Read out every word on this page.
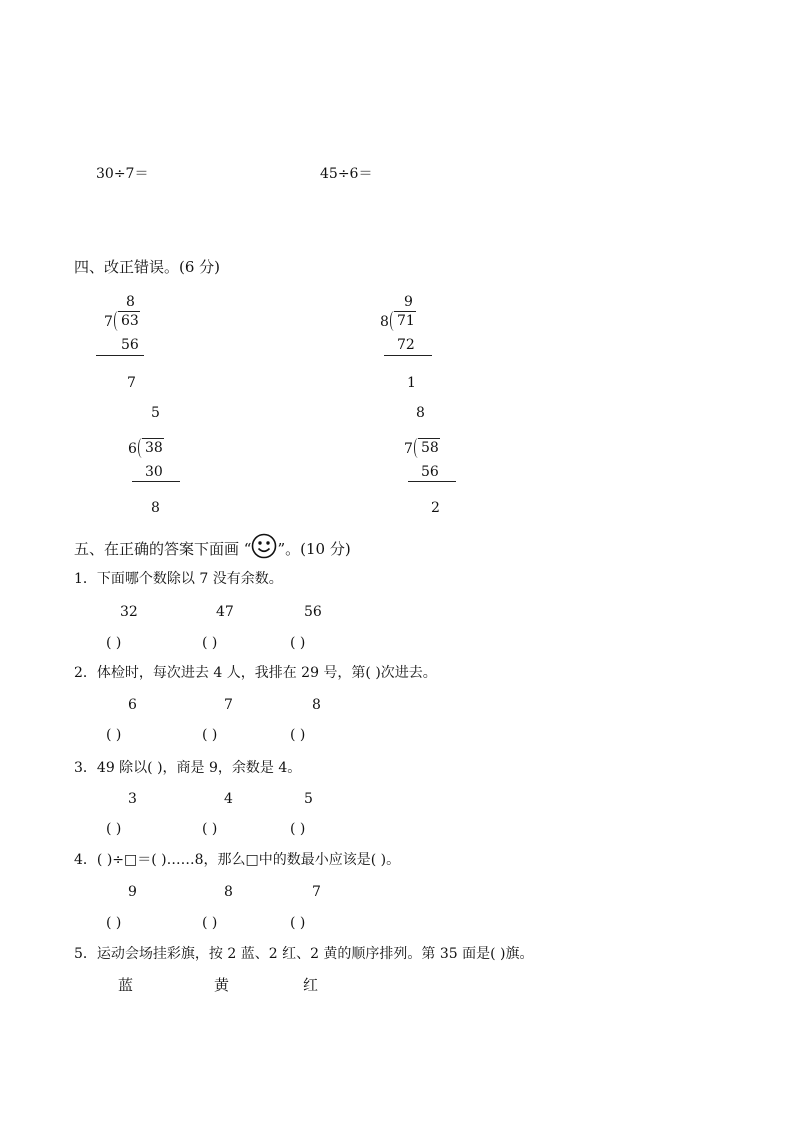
30÷7＝	45÷6＝
四、改正错误。(6 分)
8
7 63
56
7
9
8 71
72
1
5
6 38
30
8
8
7 58
56
2
五、在正确的答案下面画 “ ”。(10 分)
1．下面哪个数除以 7 没有余数。
32	47	56
( )	( )	( )
2．体检时，每次进去 4 人，我排在 29 号，第( )次进去。
6	7	8
( )	( )	( )
3．49 除以( )，商是 9，余数是 4。
3	4	5
( )	( )	( )
4．( )÷□＝( )……8，那么□中的数最小应该是( )。
9	8	7
( )	( )	( )
5．运动会场挂彩旗，按 2 蓝、2 红、2 黄的顺序排列。第 35 面是( )旗。
蓝	黄	红
